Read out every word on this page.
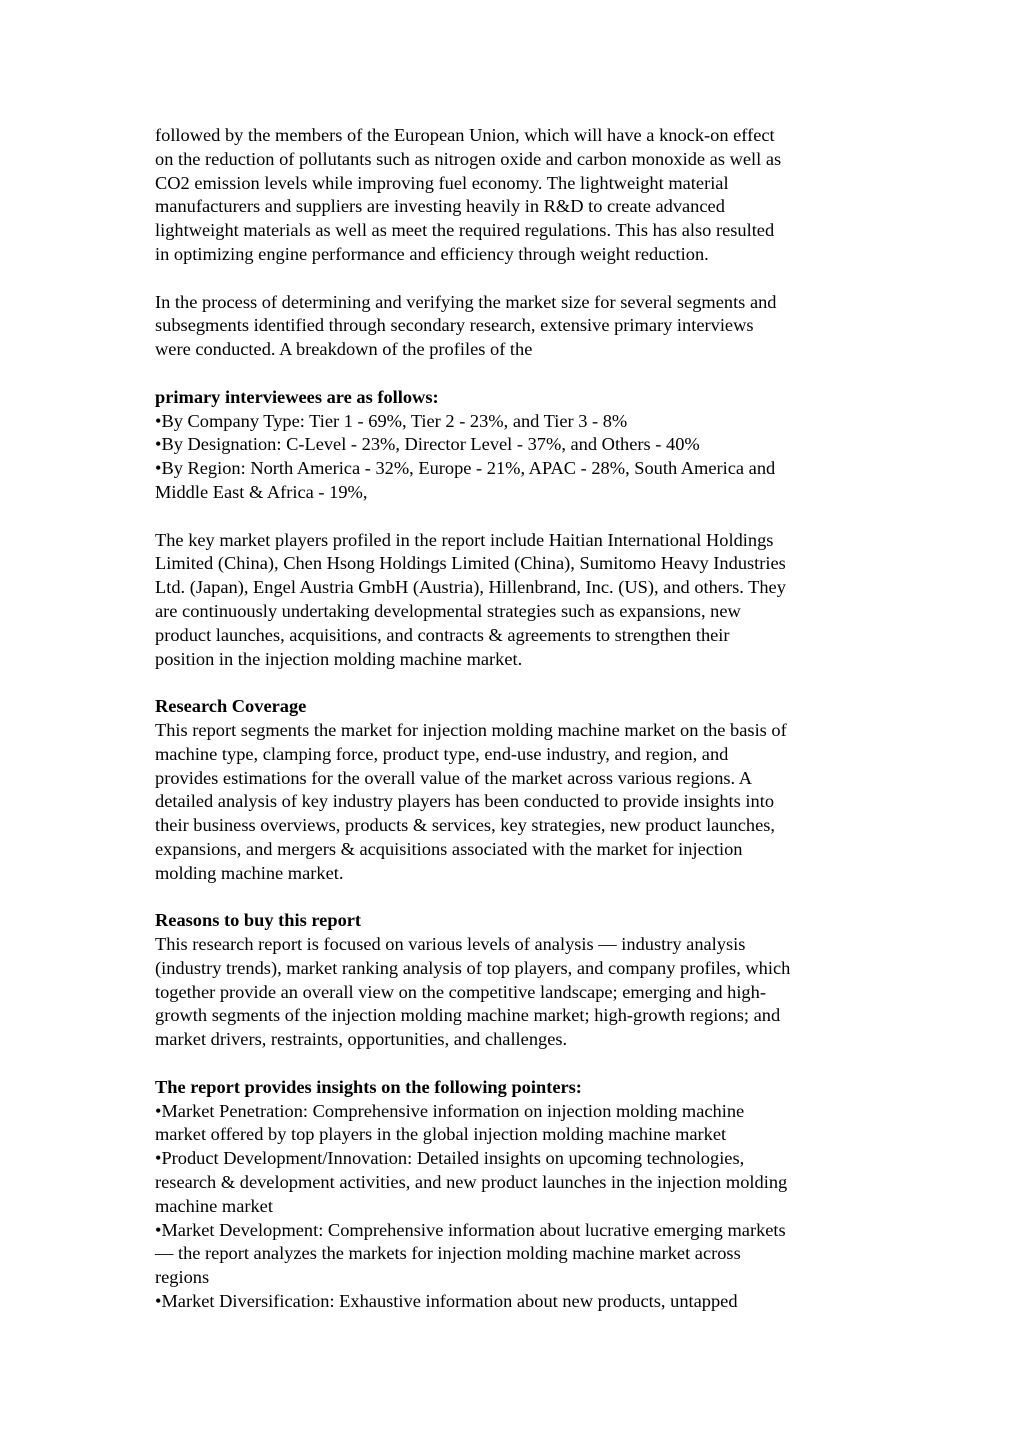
followed by the members of the European Union, which will have a knock-on effect
on the reduction of pollutants such as nitrogen oxide and carbon monoxide as well as
CO2 emission levels while improving fuel economy. The lightweight material
manufacturers and suppliers are investing heavily in R&D to create advanced
lightweight materials as well as meet the required regulations. This has also resulted
in optimizing engine performance and efficiency through weight reduction.
In the process of determining and verifying the market size for several segments and
subsegments identified through secondary research, extensive primary interviews
were conducted. A breakdown of the profiles of the
primary interviewees are as follows:
•By Company Type: Tier 1 - 69%, Tier 2 - 23%, and Tier 3 - 8%
•By Designation: C-Level - 23%, Director Level - 37%, and Others - 40%
•By Region: North America - 32%, Europe - 21%, APAC - 28%, South America and
Middle East & Africa - 19%,
The key market players profiled in the report include Haitian International Holdings
Limited (China), Chen Hsong Holdings Limited (China), Sumitomo Heavy Industries
Ltd. (Japan), Engel Austria GmbH (Austria), Hillenbrand, Inc. (US), and others. They
are continuously undertaking developmental strategies such as expansions, new
product launches, acquisitions, and contracts & agreements to strengthen their
position in the injection molding machine market.
Research Coverage
This report segments the market for injection molding machine market on the basis of
machine type, clamping force, product type, end-use industry, and region, and
provides estimations for the overall value of the market across various regions. A
detailed analysis of key industry players has been conducted to provide insights into
their business overviews, products & services, key strategies, new product launches,
expansions, and mergers & acquisitions associated with the market for injection
molding machine market.
Reasons to buy this report
This research report is focused on various levels of analysis — industry analysis
(industry trends), market ranking analysis of top players, and company profiles, which
together provide an overall view on the competitive landscape; emerging and high-
growth segments of the injection molding machine market; high-growth regions; and
market drivers, restraints, opportunities, and challenges.
The report provides insights on the following pointers:
•Market Penetration: Comprehensive information on injection molding machine
market offered by top players in the global injection molding machine market
•Product Development/Innovation: Detailed insights on upcoming technologies,
research & development activities, and new product launches in the injection molding
machine market
•Market Development: Comprehensive information about lucrative emerging markets
— the report analyzes the markets for injection molding machine market across
regions
•Market Diversification: Exhaustive information about new products, untapped
